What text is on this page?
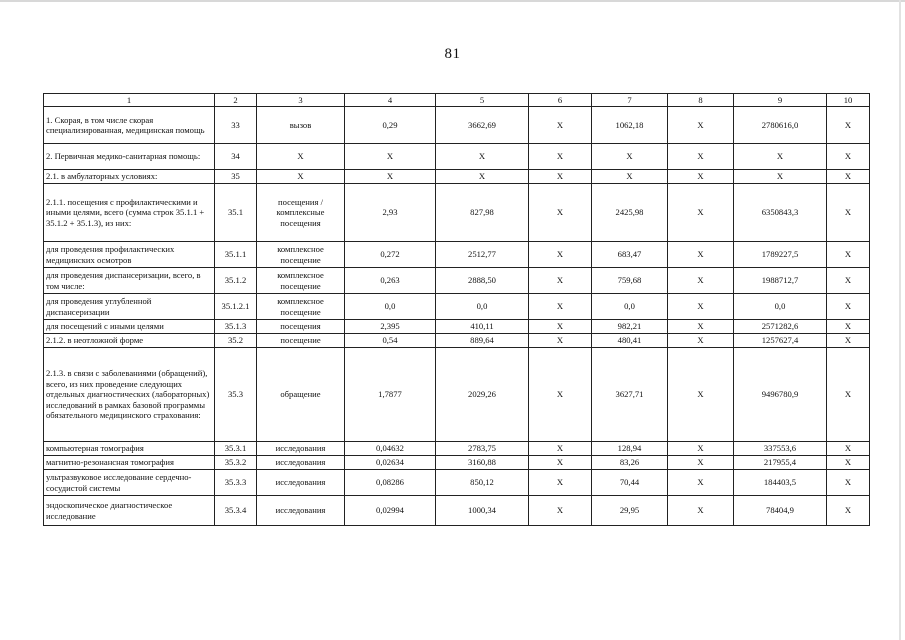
81
1	2	3	4	5	6	7	8	9	10
1. Скорая, в том числе скорая специализированная, медицинская помощь	33	вызов	0,29	3662,69	X	1062,18	X	2780616,0	X
2. Первичная медико-санитарная помощь:	34	X	X	X	X	X	X	X	X
2.1. в амбулаторных условиях:	35	X	X	X	X	X	X	X	X
2.1.1. посещения с профилактическими и иными целями, всего (сумма строк 35.1.1 + 35.1.2 + 35.1.3), из них:	35.1	посещения / комплексные посещения	2,93	827,98	X	2425,98	X	6350843,3	X
для проведения профилактических медицинских осмотров	35.1.1	комплексное посещение	0,272	2512,77	X	683,47	X	1789227,5	X
для проведения диспансеризации, всего, в том числе:	35.1.2	комплексное посещение	0,263	2888,50	X	759,68	X	1988712,7	X
для проведения углубленной диспансеризации	35.1.2.1	комплексное посещение	0,0	0,0	X	0,0	X	0,0	X
для посещений с иными целями	35.1.3	посещения	2,395	410,11	X	982,21	X	2571282,6	X
2.1.2. в неотложной форме	35.2	посещение	0,54	889,64	X	480,41	X	1257627,4	X
2.1.3. в связи с заболеваниями (обращений), всего, из них проведение следующих отдельных диагностических (лабораторных) исследований в рамках базовой программы обязательного медицинского страхования:	35.3	обращение	1,7877	2029,26	X	3627,71	X	9496780,9	X
компьютерная томография	35.3.1	исследования	0,04632	2783,75	X	128,94	X	337553,6	X
магнитно-резонансная томография	35.3.2	исследования	0,02634	3160,88	X	83,26	X	217955,4	X
ультразвуковое исследование сердечно-сосудистой системы	35.3.3	исследования	0,08286	850,12	X	70,44	X	184403,5	X
эндоскопическое диагностическое исследование	35.3.4	исследования	0,02994	1000,34	X	29,95	X	78404,9	X
